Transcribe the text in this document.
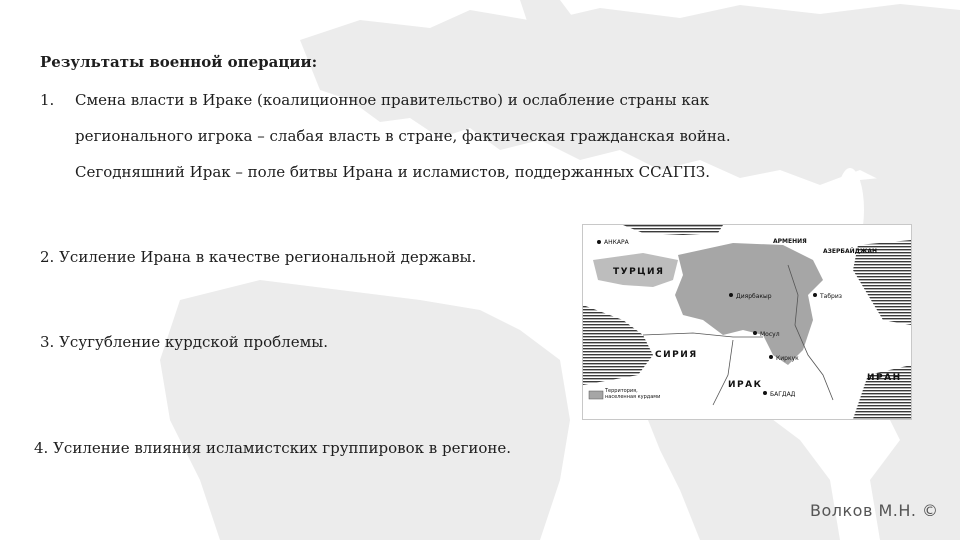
Результаты военной операции:
1. Смена власти в Ираке (коалиционное правительство) и ослабление страны как
регионального игрока – слабая власть в стране, фактическая гражданская война.
Сегодняшний Ирак – поле битвы Ирана и исламистов, поддержанных ССАГПЗ.
2. Усиление Ирана в качестве региональной державы.
3. Усугубление курдской проблемы.
4. Усиление влияния исламистских группировок в регионе.
ТУРЦИЯ
СИРИЯ
ИРАК
ИРАН
АРМЕНИЯ
АЗЕРБАЙДЖАН
АНКАРА
Диярбакыр	Табриз
Мосул
Киркук
БАГДАД
Территория, населенная курдами
Волков М.Н. ©
